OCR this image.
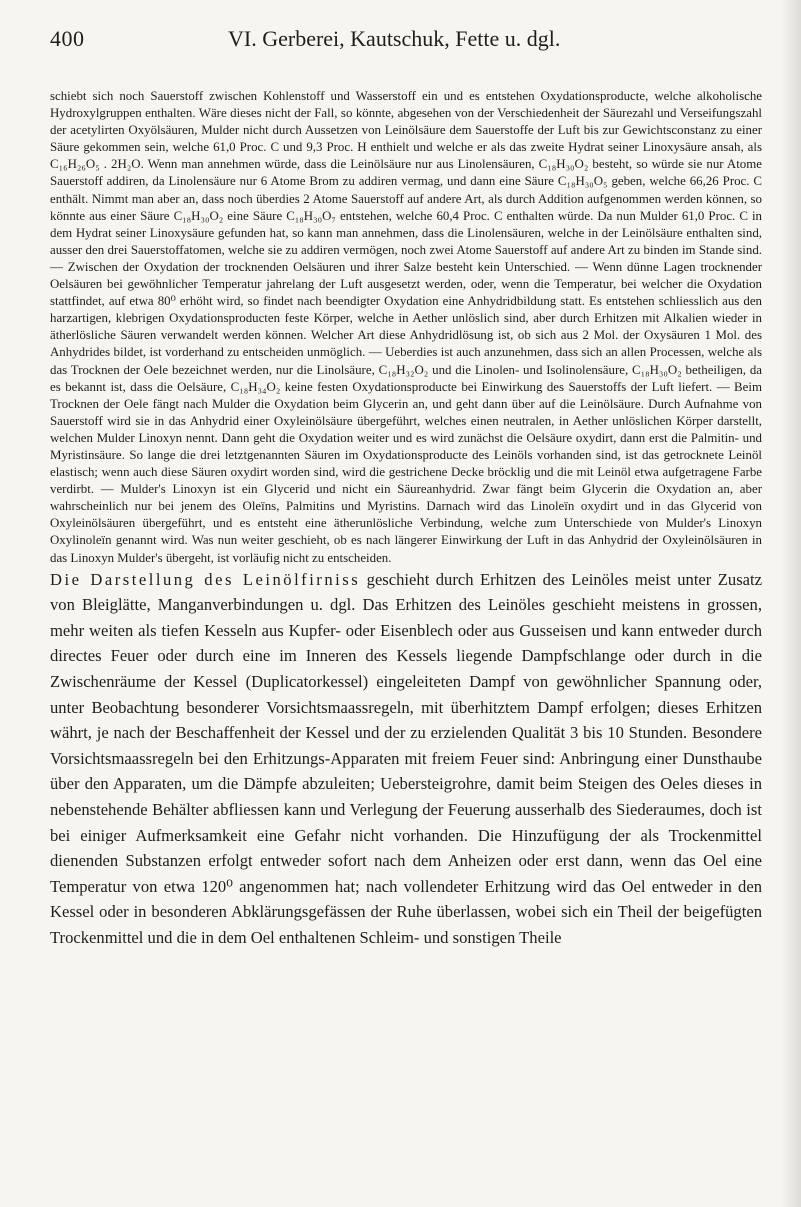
400	VI. Gerberei, Kautschuk, Fette u. dgl.

schiebt sich noch Sauerstoff zwischen Kohlenstoff und Wasserstoff ein und es entstehen Oxydationsproducte, welche alkoholische Hydroxylgruppen enthalten. Wäre dieses nicht der Fall, so könnte, abgesehen von der Verschiedenheit der Säurezahl und Verseifungszahl der acetylirten Oxyölsäuren, Mulder nicht durch Aussetzen von Leinölsäure dem Sauerstoffe der Luft bis zur Gewichtsconstanz zu einer Säure gekommen sein, welche 61,0 Proc. C und 9,3 Proc. H enthielt und welche er als das zweite Hydrat seiner Linoxysäure ansah, als C₁₆H₂₆O₅ . 2H₂O. Wenn man annehmen würde, dass die Leinölsäure nur aus Linolensäuren, C₁₈H₃₀O₂ besteht, so würde sie nur Atome Sauerstoff addiren, da Linolensäure nur 6 Atome Brom zu addiren vermag, und dann eine Säure C₁₈H₃₀O₅ geben, welche 66,26 Proc. C enthält. Nimmt man aber an, dass noch überdies 2 Atome Sauerstoff auf andere Art, als durch Addition aufgenommen werden können, so könnte aus einer Säure C₁₈H₃₀O₂ eine Säure C₁₈H₃₀O₇ entstehen, welche 60,4 Proc. C enthalten würde. Da nun Mulder 61,0 Proc. C in dem Hydrat seiner Linoxysäure gefunden hat, so kann man annehmen, dass die Linolensäuren, welche in der Leinölsäure enthalten sind, ausser den drei Sauerstoffatomen, welche sie zu addiren vermögen, noch zwei Atome Sauerstoff auf andere Art zu binden im Stande sind. — Zwischen der Oxydation der trocknenden Oelsäuren und ihrer Salze besteht kein Unterschied. — Wenn dünne Lagen trocknender Oelsäuren bei gewöhnlicher Temperatur jahrelang der Luft ausgesetzt werden, oder, wenn die Temperatur, bei welcher die Oxydation stattfindet, auf etwa 80⁰ erhöht wird, so findet nach beendigter Oxydation eine Anhydridbildung statt. Es entstehen schliesslich aus den harzartigen, klebrigen Oxydationsproducten feste Körper, welche in Aether unlöslich sind, aber durch Erhitzen mit Alkalien wieder in ätherlösliche Säuren verwandelt werden können. Welcher Art diese Anhydridlösung ist, ob sich aus 2 Mol. der Oxysäuren 1 Mol. des Anhydrides bildet, ist vorderhand zu entscheiden unmöglich. — Ueberdies ist auch anzunehmen, dass sich an allen Processen, welche als das Trocknen der Oele bezeichnet werden, nur die Linolsäure, C₁₈H₃₂O₂ und die Linolen- und Isolinolensäure, C₁₈H₃₀O₂ betheiligen, da es bekannt ist, dass die Oelsäure, C₁₈H₃₄O₂ keine festen Oxydationsproducte bei Einwirkung des Sauerstoffs der Luft liefert. — Beim Trocknen der Oele fängt nach Mulder die Oxydation beim Glycerin an, und geht dann über auf die Leinölsäure. Durch Aufnahme von Sauerstoff wird sie in das Anhydrid einer Oxyleinölsäure übergeführt, welches einen neutralen, in Aether unlöslichen Körper darstellt, welchen Mulder Linoxyn nennt. Dann geht die Oxydation weiter und es wird zunächst die Oelsäure oxydirt, dann erst die Palmitin- und Myristinsäure. So lange die drei letztgenannten Säuren im Oxydationsproducte des Leinöls vorhanden sind, ist das getrocknete Leinöl elastisch; wenn auch diese Säuren oxydirt worden sind, wird die gestrichene Decke bröcklig und die mit Leinöl etwa aufgetragene Farbe verdirbt. — Mulder's Linoxyn ist ein Glycerid und nicht ein Säureanhydrid. Zwar fängt beim Glycerin die Oxydation an, aber wahrscheinlich nur bei jenem des Oleïns, Palmitins und Myristins. Darnach wird das Linoleïn oxydirt und in das Glycerid von Oxyleinölsäuren übergeführt, und es entsteht eine ätherunlösliche Verbindung, welche zum Unterschiede von Mulder's Linoxyn Oxylinoleïn genannt wird. Was nun weiter geschieht, ob es nach längerer Einwirkung der Luft in das Anhydrid der Oxyleinölsäuren in das Linoxyn Mulder's übergeht, ist vorläufig nicht zu entscheiden.

Die Darstellung des Leinölfirniss geschieht durch Erhitzen des Leinöles meist unter Zusatz von Bleiglätte, Manganverbindungen u. dgl. Das Erhitzen des Leinöles geschieht meistens in grossen, mehr weiten als tiefen Kesseln aus Kupfer- oder Eisenblech oder aus Gusseisen und kann entweder durch directes Feuer oder durch eine im Inneren des Kessels liegende Dampfschlange oder durch in die Zwischenräume der Kessel (Duplicatorkessel) eingeleiteten Dampf von gewöhnlicher Spannung oder, unter Beobachtung besonderer Vorsichtsmaassregeln, mit überhitztem Dampf erfolgen; dieses Erhitzen währt, je nach der Beschaffenheit der Kessel und der zu erzielenden Qualität 3 bis 10 Stunden. Besondere Vorsichtsmaassregeln bei den Erhitzungs-Apparaten mit freiem Feuer sind: Anbringung einer Dunsthaube über den Apparaten, um die Dämpfe abzuleiten; Uebersteigrohre, damit beim Steigen des Oeles dieses in nebenstehende Behälter abfliessen kann und Verlegung der Feuerung ausserhalb des Siederaumes, doch ist bei einiger Aufmerksamkeit eine Gefahr nicht vorhanden. Die Hinzufügung der als Trockenmittel dienenden Substanzen erfolgt entweder sofort nach dem Anheizen oder erst dann, wenn das Oel eine Temperatur von etwa 120⁰ angenommen hat; nach vollendeter Erhitzung wird das Oel entweder in den Kessel oder in besonderen Abklärungsgefässen der Ruhe überlassen, wobei sich ein Theil der beigefügten Trockenmittel und die in dem Oel enthaltenen Schleim- und sonstigen Theile
